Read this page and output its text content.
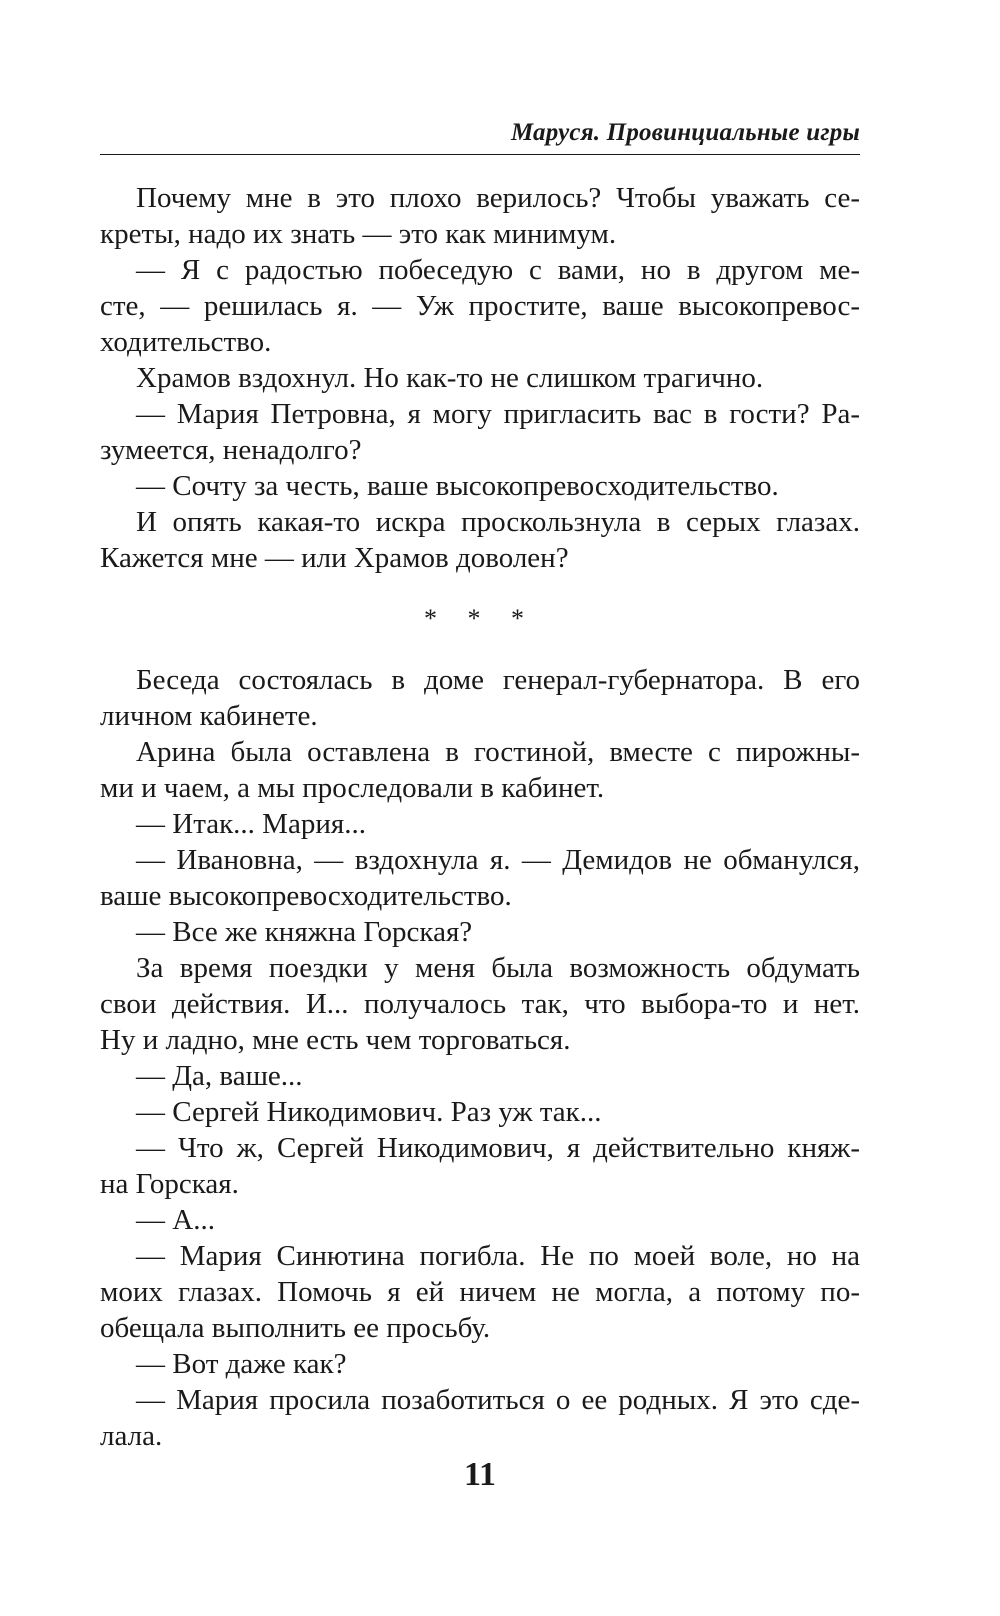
Маруся. Провинциальные игры
Почему мне в это плохо верилось? Чтобы уважать се-
креты, надо их знать — это как минимум.
— Я с радостью побеседую с вами, но в другом ме-
сте, — решилась я. — Уж простите, ваше высокопревос-
ходительство.
Храмов вздохнул. Но как-то не слишком трагично.
— Мария Петровна, я могу пригласить вас в гости? Ра-
зумеется, ненадолго?
— Сочту за честь, ваше высокопревосходительство.
И опять какая-то искра проскользнула в серых глазах.
Кажется мне — или Храмов доволен?
* * *
Беседа состоялась в доме генерал-губернатора. В его
личном кабинете.
Арина была оставлена в гостиной, вместе с пирожны-
ми и чаем, а мы проследовали в кабинет.
— Итак... Мария...
— Ивановна, — вздохнула я. — Демидов не обманулся,
ваше высокопревосходительство.
— Все же княжна Горская?
За время поездки у меня была возможность обдумать
свои действия. И... получалось так, что выбора-то и нет.
Ну и ладно, мне есть чем торговаться.
— Да, ваше...
— Сергей Никодимович. Раз уж так...
— Что ж, Сергей Никодимович, я действительно княж-
на Горская.
— А...
— Мария Синютина погибла. Не по моей воле, но на
моих глазах. Помочь я ей ничем не могла, а потому по-
обещала выполнить ее просьбу.
— Вот даже как?
— Мария просила позаботиться о ее родных. Я это сде-
лала.
11
